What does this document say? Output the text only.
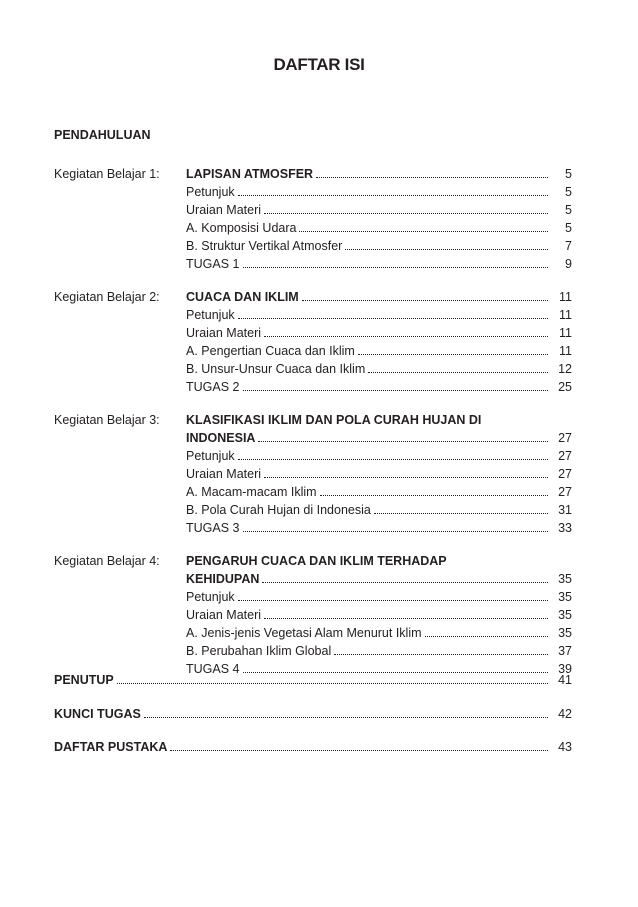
DAFTAR ISI
PENDAHULUAN
Kegiatan Belajar 1: LAPISAN ATMOSFER	5
Petunjuk	5
Uraian Materi	5
A. Komposisi Udara	5
B. Struktur Vertikal Atmosfer	7
TUGAS 1	9
Kegiatan Belajar 2: CUACA DAN IKLIM	11
Petunjuk	11
Uraian Materi	11
A. Pengertian Cuaca dan Iklim	11
B. Unsur-Unsur Cuaca dan Iklim	12
TUGAS 2	25
Kegiatan Belajar 3: KLASIFIKASI IKLIM DAN POLA CURAH HUJAN DI
INDONESIA	27
Petunjuk	27
Uraian Materi	27
A. Macam-macam Iklim	27
B. Pola Curah Hujan di Indonesia	31
TUGAS 3	33
Kegiatan Belajar 4: PENGARUH CUACA DAN IKLIM TERHADAP
KEHIDUPAN	35
Petunjuk	35
Uraian Materi	35
A. Jenis-jenis Vegetasi Alam Menurut Iklim	35
B. Perubahan Iklim Global	37
TUGAS 4	39
PENUTUP	41
KUNCI TUGAS	42
DAFTAR PUSTAKA	43
